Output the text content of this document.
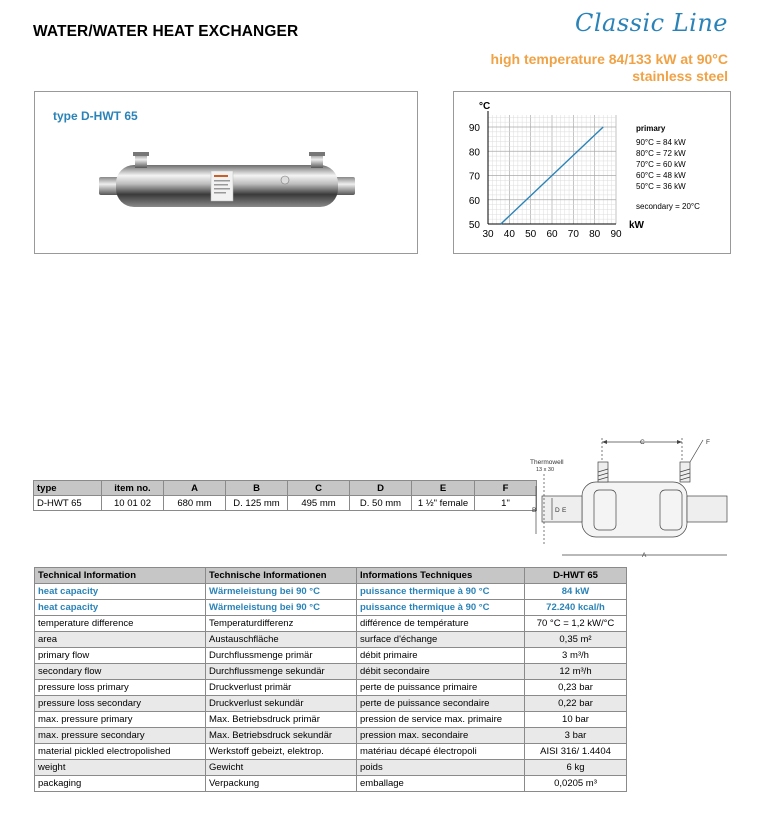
WATER/WATER HEAT EXCHANGER	Classic Line
high temperature 84/133 kW at 90°C
stainless steel
type D-HWT 65
30 40 50 60 70 80 90
50
60
70
80
90
°C
kW
primary
90°C = 84 kW
80°C = 72 kW
70°C = 60 kW
60°C = 48 kW
50°C = 36 kW
secondary = 20°C
type	item no.	A	B	C	D	E	F
D-HWT 65	10 01 02	680 mm	D. 125 mm	495 mm	D. 50 mm	1 ½" female	1"
Thermowell
13 x 30
C	F
A
B	D E
Technical Information	Technische Informationen	Informations Techniques	D-HWT 65
heat capacity	Wärmeleistung bei 90 °C	puissance thermique à 90 °C	84 kW
heat capacity	Wärmeleistung bei 90 °C	puissance thermique à 90 °C	72.240 kcal/h
temperature difference	Temperaturdifferenz	différence de température	70 °C = 1,2 kW/°C
area	Austauschfläche	surface d'échange	0,35 m²
primary flow	Durchflussmenge primär	débit primaire	3 m³/h
secondary flow	Durchflussmenge sekundär	débit secondaire	12 m³/h
pressure loss primary	Druckverlust primär	perte de puissance primaire	0,23 bar
pressure loss secondary	Druckverlust sekundär	perte de puissance secondaire	0,22 bar
max. pressure primary	Max. Betriebsdruck primär	pression de service max. primaire	10 bar
max. pressure secondary	Max. Betriebsdruck sekundär	pression max. secondaire	3 bar
material pickled electropolished	Werkstoff gebeizt, elektrop.	matériau décapé électropoli	AISI 316/ 1.4404
weight	Gewicht	poids	6 kg
packaging	Verpackung	emballage	0,0205 m³
